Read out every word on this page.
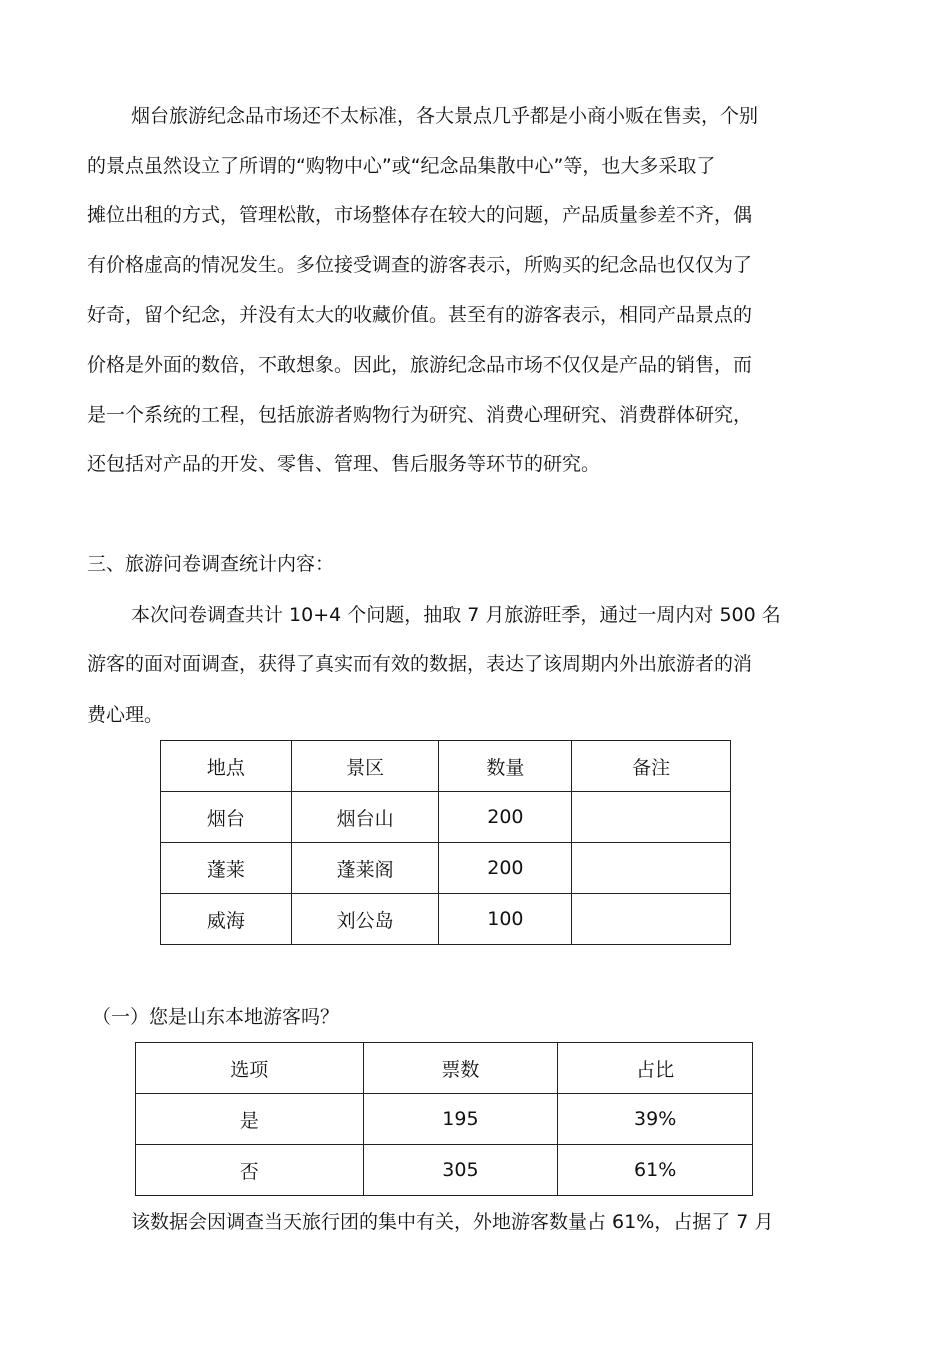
烟台旅游纪念品市场还不太标准，各大景点几乎都是小商小贩在售卖，个别

的景点虽然设立了所谓的“购物中心”或“纪念品集散中心”等，也大多采取了

摊位出租的方式，管理松散，市场整体存在较大的问题，产品质量参差不齐，偶

有价格虚高的情况发生。多位接受调查的游客表示，所购买的纪念品也仅仅为了

好奇，留个纪念，并没有太大的收藏价值。甚至有的游客表示，相同产品景点的

价格是外面的数倍，不敢想象。因此，旅游纪念品市场不仅仅是产品的销售，而

是一个系统的工程，包括旅游者购物行为研究、消费心理研究、消费群体研究，

还包括对产品的开发、零售、管理、售后服务等环节的研究。

三、旅游问卷调查统计内容：

本次问卷调查共计 10+4 个问题，抽取 7 月旅游旺季，通过一周内对 500 名

游客的面对面调查，获得了真实而有效的数据，表达了该周期内外出旅游者的消

费心理。

地点	景区	数量	备注
烟台	烟台山	200	
蓬莱	蓬莱阁	200	
威海	刘公岛	100	

（一）您是山东本地游客吗？

选项	票数	占比
是	195	39%
否	305	61%

该数据会因调查当天旅行团的集中有关，外地游客数量占 61%，占据了 7 月
